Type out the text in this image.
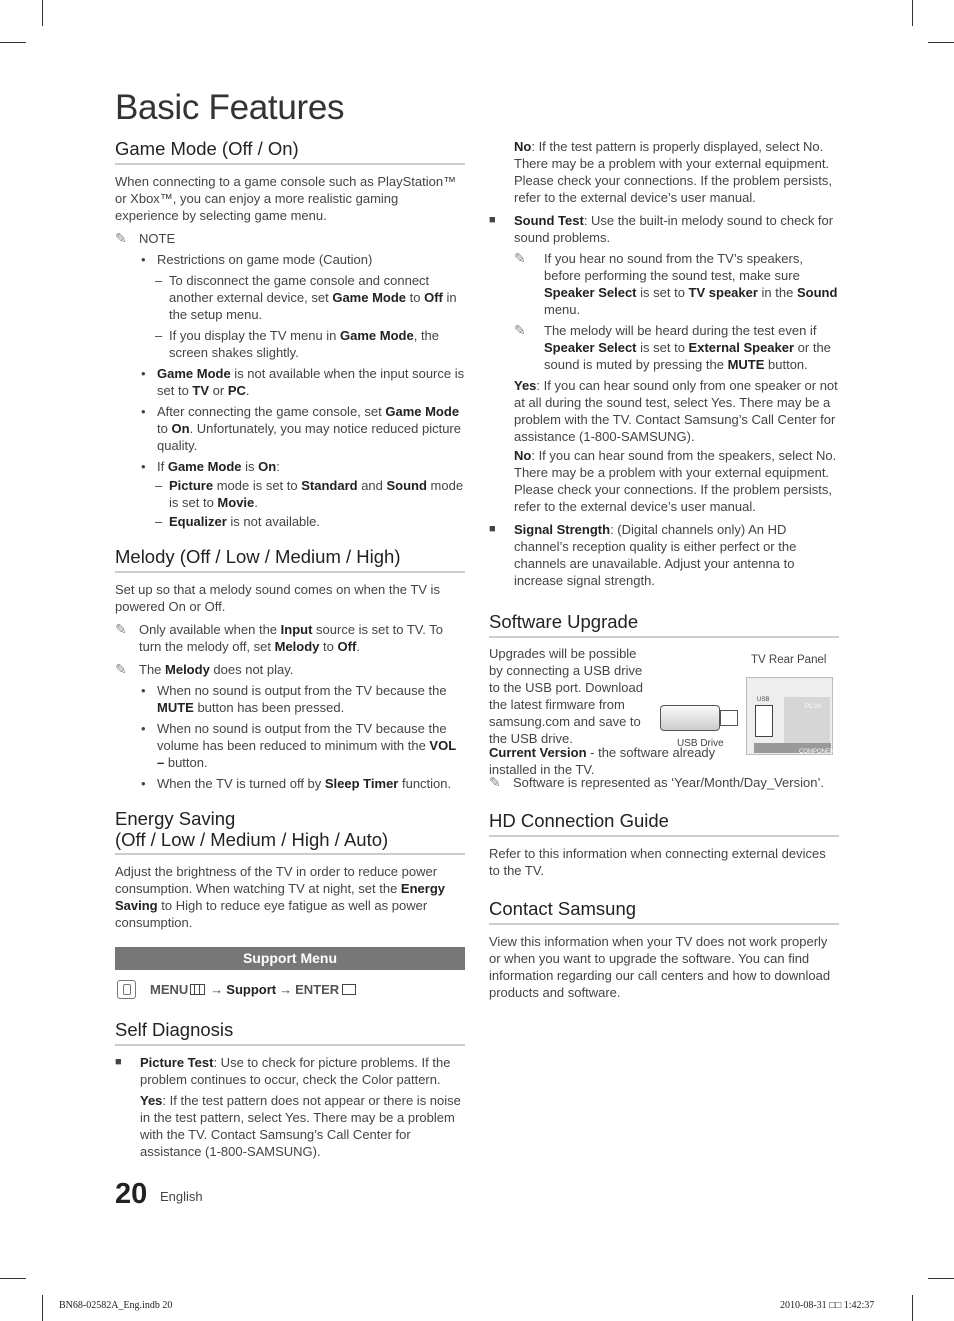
Basic Features
Game Mode (Off / On)

When connecting to a game console such as PlayStation™ or Xbox™, you can enjoy a more realistic gaming experience by selecting game menu.

✎ NOTE
• Restrictions on game mode (Caution)
– To disconnect the game console and connect another external device, set Game Mode to Off in the setup menu.
– If you display the TV menu in Game Mode, the screen shakes slightly.
• Game Mode is not available when the input source is set to TV or PC.
• After connecting the game console, set Game Mode to On. Unfortunately, you may notice reduced picture quality.
• If Game Mode is On:
– Picture mode is set to Standard and Sound mode is set to Movie.
– Equalizer is not available.
Melody (Off / Low / Medium / High)

Set up so that a melody sound comes on when the TV is powered On or Off.

✎ Only available when the Input source is set to TV. To turn the melody off, set Melody to Off.
✎ The Melody does not play.
• When no sound is output from the TV because the MUTE button has been pressed.
• When no sound is output from the TV because the volume has been reduced to minimum with the VOL – button.
• When the TV is turned off by Sleep Timer function.
Energy Saving
(Off / Low / Medium / High / Auto)

Adjust the brightness of the TV in order to reduce power consumption. When watching TV at night, set the Energy Saving to High to reduce eye fatigue as well as power consumption.

Support Menu
MENU → Support → ENTER
Self Diagnosis
■	Picture Test: Use to check for picture problems. If the problem continues to occur, check the Color pattern.

Yes: If the test pattern does not appear or there is noise in the test pattern, select Yes. There may be a problem with the TV. Contact Samsung’s Call Center for assistance (1-800-SAMSUNG).

No: If the test pattern is properly displayed, select No. There may be a problem with your external equipment. Please check your connections. If the problem persists, refer to the external device’s user manual.

■	Sound Test: Use the built-in melody sound to check for sound problems.
✎	If you hear no sound from the TV’s speakers, before performing the sound test, make sure Speaker Select is set to TV speaker in the Sound menu.
✎	The melody will be heard during the test even if Speaker Select is set to External Speaker or the sound is muted by pressing the MUTE button.

Yes: If you can hear sound only from one speaker or not at all during the sound test, select Yes. There may be a problem with the TV. Contact Samsung’s Call Center for assistance (1-800-SAMSUNG).

No: If you can hear sound from the speakers, select No. There may be a problem with your external equipment. Please check your connections. If the problem persists, refer to the external device’s user manual.

■	Signal Strength: (Digital channels only) An HD channel’s reception quality is either perfect or the channels are unavailable. Adjust your antenna to increase signal strength.
Software Upgrade
Upgrades will be possible by connecting a USB drive to the USB port. Download the latest firmware from samsung.com and save to the USB drive.
TV Rear Panel
PC IN
USB
COMPONENT
USB Drive
Current Version - the software already installed in the TV.
✎ Software is represented as ‘Year/Month/Day_Version’.
HD Connection Guide

Refer to this information when connecting external devices to the TV.

Contact Samsung

View this information when your TV does not work properly or when you want to upgrade the software. You can find information regarding our call centers and how to download products and software.

20 English
BN68-02582A_Eng.indb 20	2010-08-31 □□ 1:42:37
